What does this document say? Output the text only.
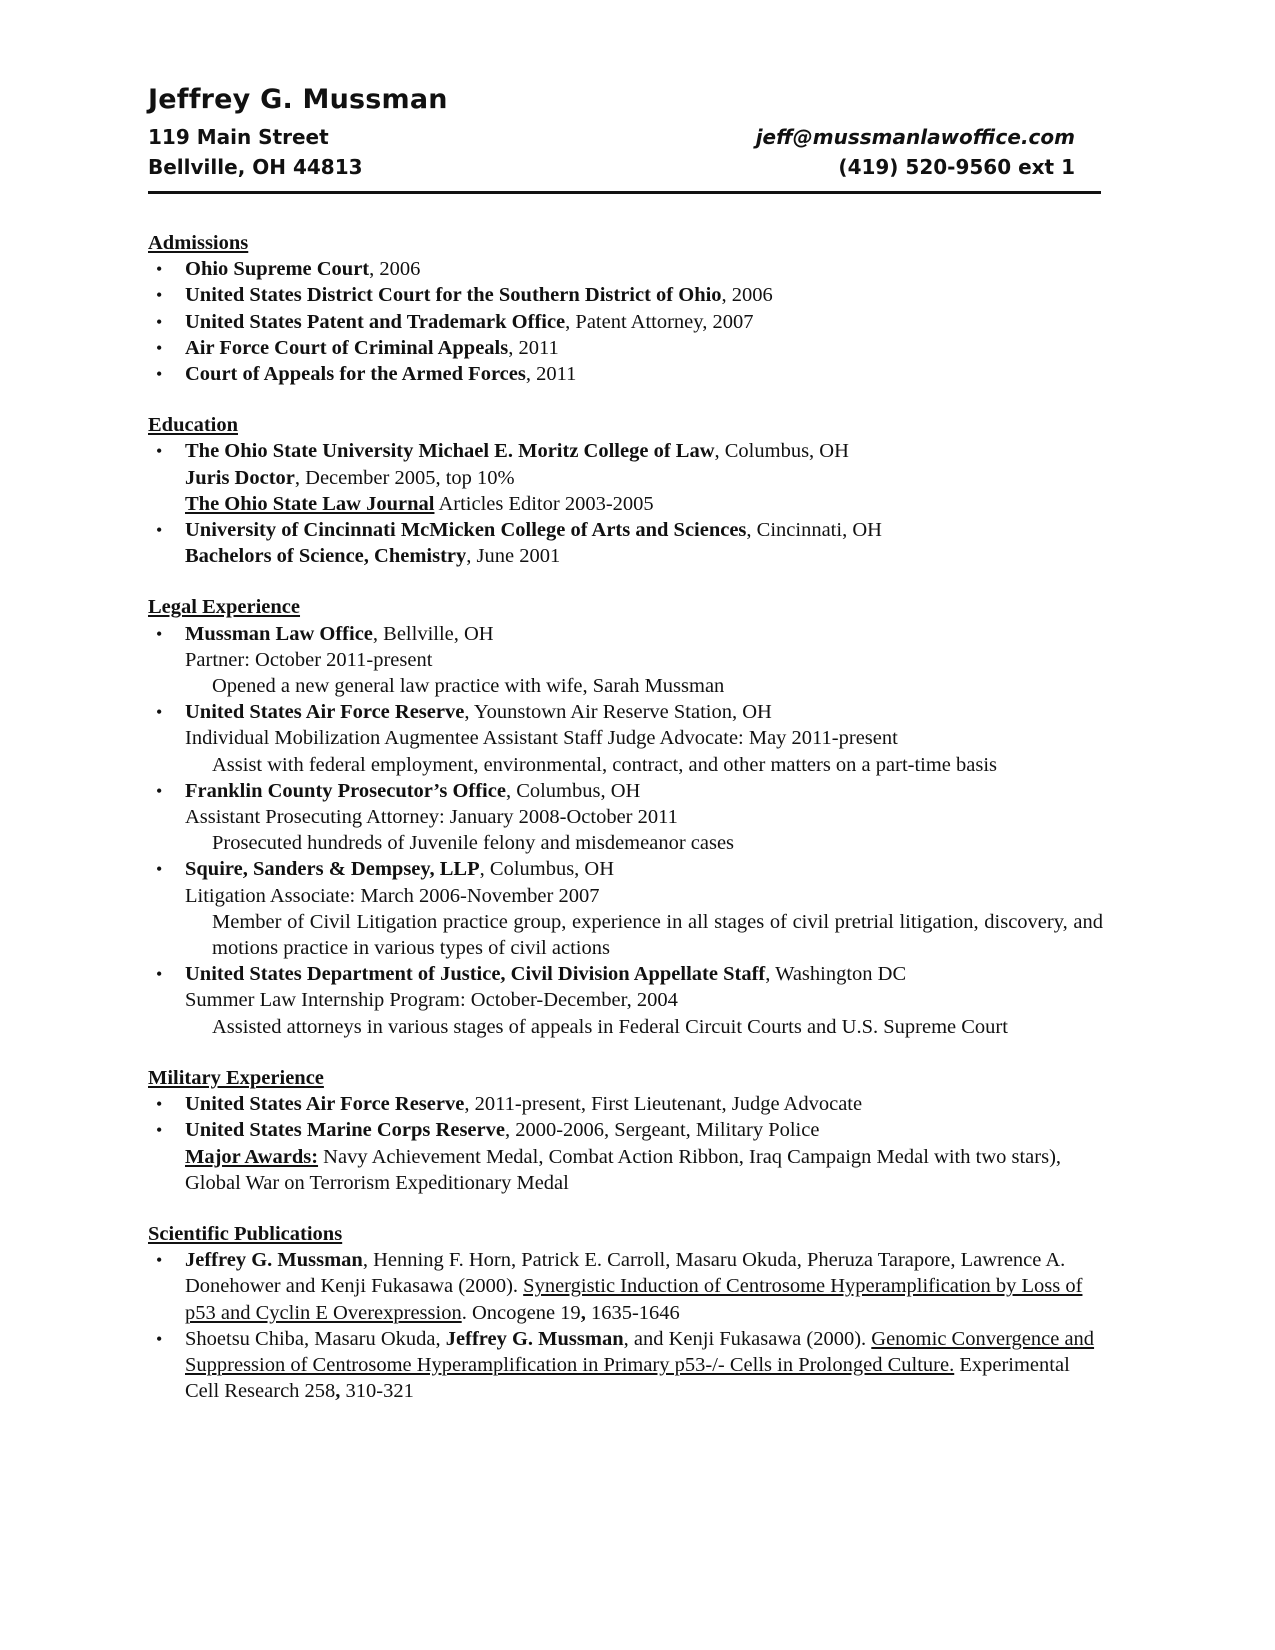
Jeffrey G. Mussman
119 Main Street
Bellville, OH 44813
jeff@mussmanlawoffice.com
(419) 520-9560 ext 1

Admissions

• Ohio Supreme Court, 2006
• United States District Court for the Southern District of Ohio, 2006
• United States Patent and Trademark Office, Patent Attorney, 2007
• Air Force Court of Criminal Appeals, 2011
• Court of Appeals for the Armed Forces, 2011

Education

• The Ohio State University Michael E. Moritz College of Law, Columbus, OH
Juris Doctor, December 2005, top 10%
The Ohio State Law Journal Articles Editor 2003-2005
• University of Cincinnati McMicken College of Arts and Sciences, Cincinnati, OH
Bachelors of Science, Chemistry, June 2001

Legal Experience

• Mussman Law Office, Bellville, OH
Partner: October 2011-present
Opened a new general law practice with wife, Sarah Mussman
• United States Air Force Reserve, Younstown Air Reserve Station, OH
Individual Mobilization Augmentee Assistant Staff Judge Advocate: May 2011-present
Assist with federal employment, environmental, contract, and other matters on a part-time basis
• Franklin County Prosecutor’s Office, Columbus, OH
Assistant Prosecuting Attorney: January 2008-October 2011
Prosecuted hundreds of Juvenile felony and misdemeanor cases
• Squire, Sanders & Dempsey, LLP, Columbus, OH
Litigation Associate: March 2006-November 2007
Member of Civil Litigation practice group, experience in all stages of civil pretrial litigation, discovery, and motions practice in various types of civil actions
• United States Department of Justice, Civil Division Appellate Staff, Washington DC
Summer Law Internship Program: October-December, 2004
Assisted attorneys in various stages of appeals in Federal Circuit Courts and U.S. Supreme Court

Military Experience

• United States Air Force Reserve, 2011-present, First Lieutenant, Judge Advocate
• United States Marine Corps Reserve, 2000-2006, Sergeant, Military Police
Major Awards: Navy Achievement Medal, Combat Action Ribbon, Iraq Campaign Medal with two stars), Global War on Terrorism Expeditionary Medal

Scientific Publications

• Jeffrey G. Mussman, Henning F. Horn, Patrick E. Carroll, Masaru Okuda, Pheruza Tarapore, Lawrence A. Donehower and Kenji Fukasawa (2000). Synergistic Induction of Centrosome Hyperamplification by Loss of p53 and Cyclin E Overexpression. Oncogene 19, 1635-1646
• Shoetsu Chiba, Masaru Okuda, Jeffrey G. Mussman, and Kenji Fukasawa (2000). Genomic Convergence and Suppression of Centrosome Hyperamplification in Primary p53-/- Cells in Prolonged Culture. Experimental Cell Research 258, 310-321
